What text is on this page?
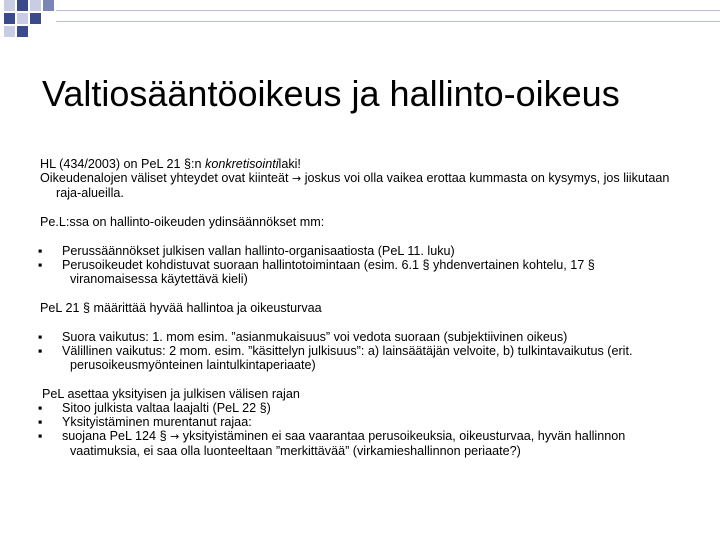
Valtiosääntöoikeus ja hallinto-oikeus

HL (434/2003) on PeL 21 §:n konkretisointilaki!

Oikeudenalojen väliset yhteydet ovat kiinteät → joskus voi olla vaikea erottaa kummasta on kysymys, jos liikutaan raja-alueilla.

Pe.L:ssa on hallinto-oikeuden ydinsäännökset mm:

▪ Perussäännökset julkisen vallan hallinto-organisaatiosta (PeL 11. luku)

▪ Perusoikeudet kohdistuvat suoraan hallintotoimintaan (esim. 6.1 § yhdenvertainen kohtelu, 17 § viranomaisessa käytettävä kieli)

PeL 21 § määrittää hyvää hallintoa ja oikeusturvaa

▪ Suora vaikutus: 1. mom esim. ”asianmukaisuus” voi vedota suoraan (subjektiivinen oikeus)

▪ Välillinen vaikutus: 2 mom. esim. ”käsittelyn julkisuus”: a) lainsäätäjän velvoite, b) tulkintavaikutus (erit. perusoikeusmyönteinen laintulkintaperiaate)

PeL asettaa yksityisen ja julkisen välisen rajan

▪ Sitoo julkista valtaa laajalti (PeL 22 §)

▪ Yksityistäminen murentanut rajaa:

▪ suojana PeL 124 § → yksityistäminen ei saa vaarantaa perusoikeuksia, oikeusturvaa, hyvän hallinnon vaatimuksia, ei saa olla luonteeltaan ”merkittävää” (virkamieshallinnon periaate?)
